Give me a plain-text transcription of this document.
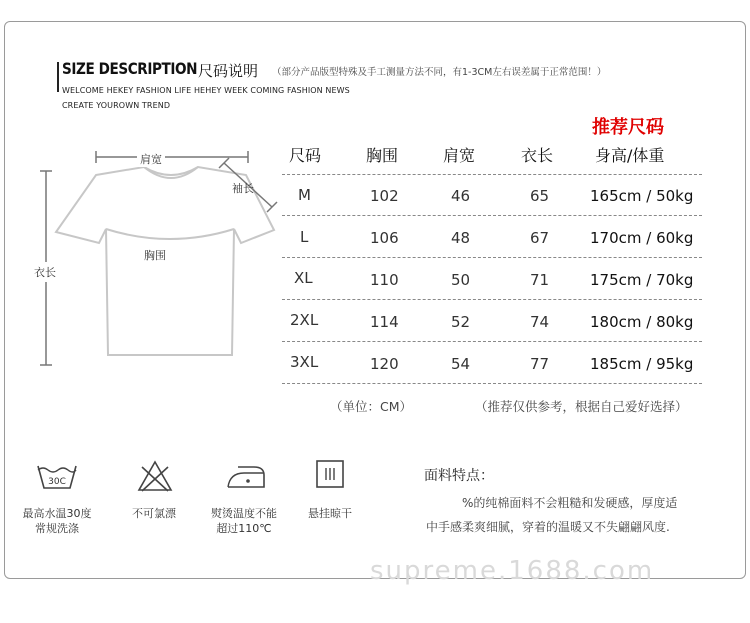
SIZE DESCRIPTION 尺码说明 （部分产品版型特殊及手工测量方法不同，有1-3CM左右误差属于正常范围！）
WELCOME HEKEY FASHION LIFE HEHEY WEEK COMING FASHION NEWS
CREATE YOUROWN TREND
肩宽
袖长
胸围
衣长
推荐尺码
尺码	胸围	肩宽	衣长	身高/体重
M	102	46	65	165cm / 50kg
L	106	48	67	170cm / 60kg
XL	110	50	71	175cm / 70kg
2XL	114	52	74	180cm / 80kg
3XL	120	54	77	185cm / 95kg
（单位：CM）	（推荐仅供参考，根据自己爱好选择）
30C
最高水温30度
常规洗涤
不可氯漂	熨烫温度不能
超过110℃
悬挂晾干
面料特点：
%的纯棉面料不会粗糙和发硬感，厚度适
中手感柔爽细腻，穿着的温暖又不失翩翩风度.
supreme.1688.com
